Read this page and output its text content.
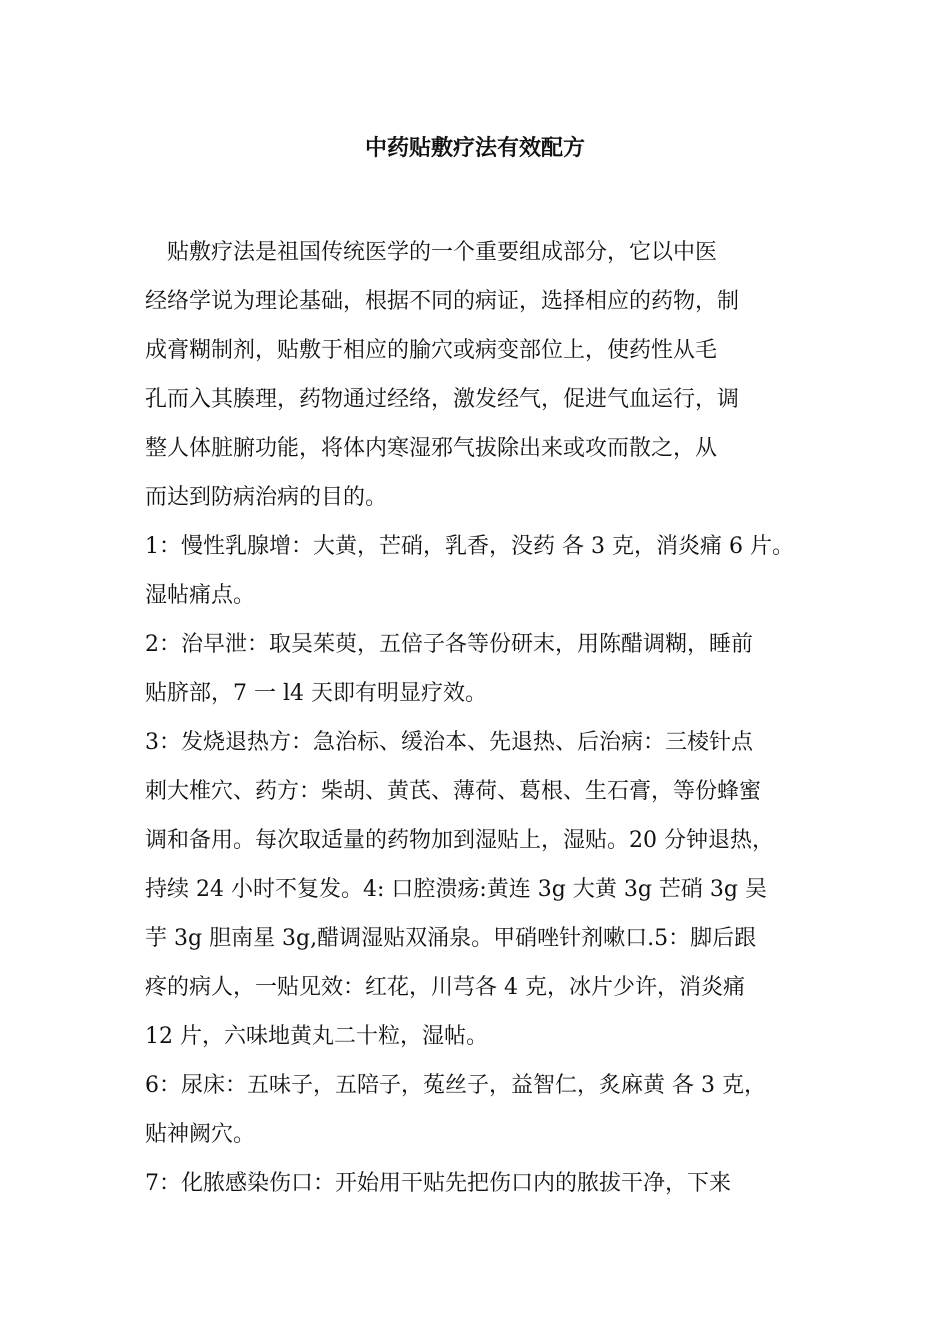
中药贴敷疗法有效配方

贴敷疗法是祖国传统医学的一个重要组成部分，它以中医
经络学说为理论基础，根据不同的病证，选择相应的药物，制
成膏糊制剂，贴敷于相应的腧穴或病变部位上，使药性从毛
孔而入其腠理，药物通过经络，激发经气，促进气血运行，调
整人体脏腑功能，将体内寒湿邪气拔除出来或攻而散之，从
而达到防病治病的目的。

1：慢性乳腺增：大黄，芒硝，乳香，没药 各 3 克，消炎痛 6 片。
湿帖痛点。

2：治早泄：取吴茱萸，五倍子各等份研末，用陈醋调糊，睡前
贴脐部，7 一 l4 天即有明显疗效。

3：发烧退热方：急治标、缓治本、先退热、后治病：三棱针点
刺大椎穴、药方：柴胡、黄芪、薄荷、葛根、生石膏，等份蜂蜜
调和备用。每次取适量的药物加到湿贴上，湿贴。20 分钟退热，
持续 24 小时不复发。4: 口腔溃疡:黄连 3g 大黄 3g 芒硝 3g 吴
芋 3g 胆南星 3g,醋调湿贴双涌泉。甲硝唑针剂嗽口.5：脚后跟
疼的病人，一贴见效：红花，川芎各 4 克，冰片少许，消炎痛
12 片，六味地黄丸二十粒，湿帖。

6：尿床：五味子，五陪子，菟丝子，益智仁，炙麻黄 各 3 克，
贴神阙穴。

7：化脓感染伤口：开始用干贴先把伤口内的脓拔干净，下来
